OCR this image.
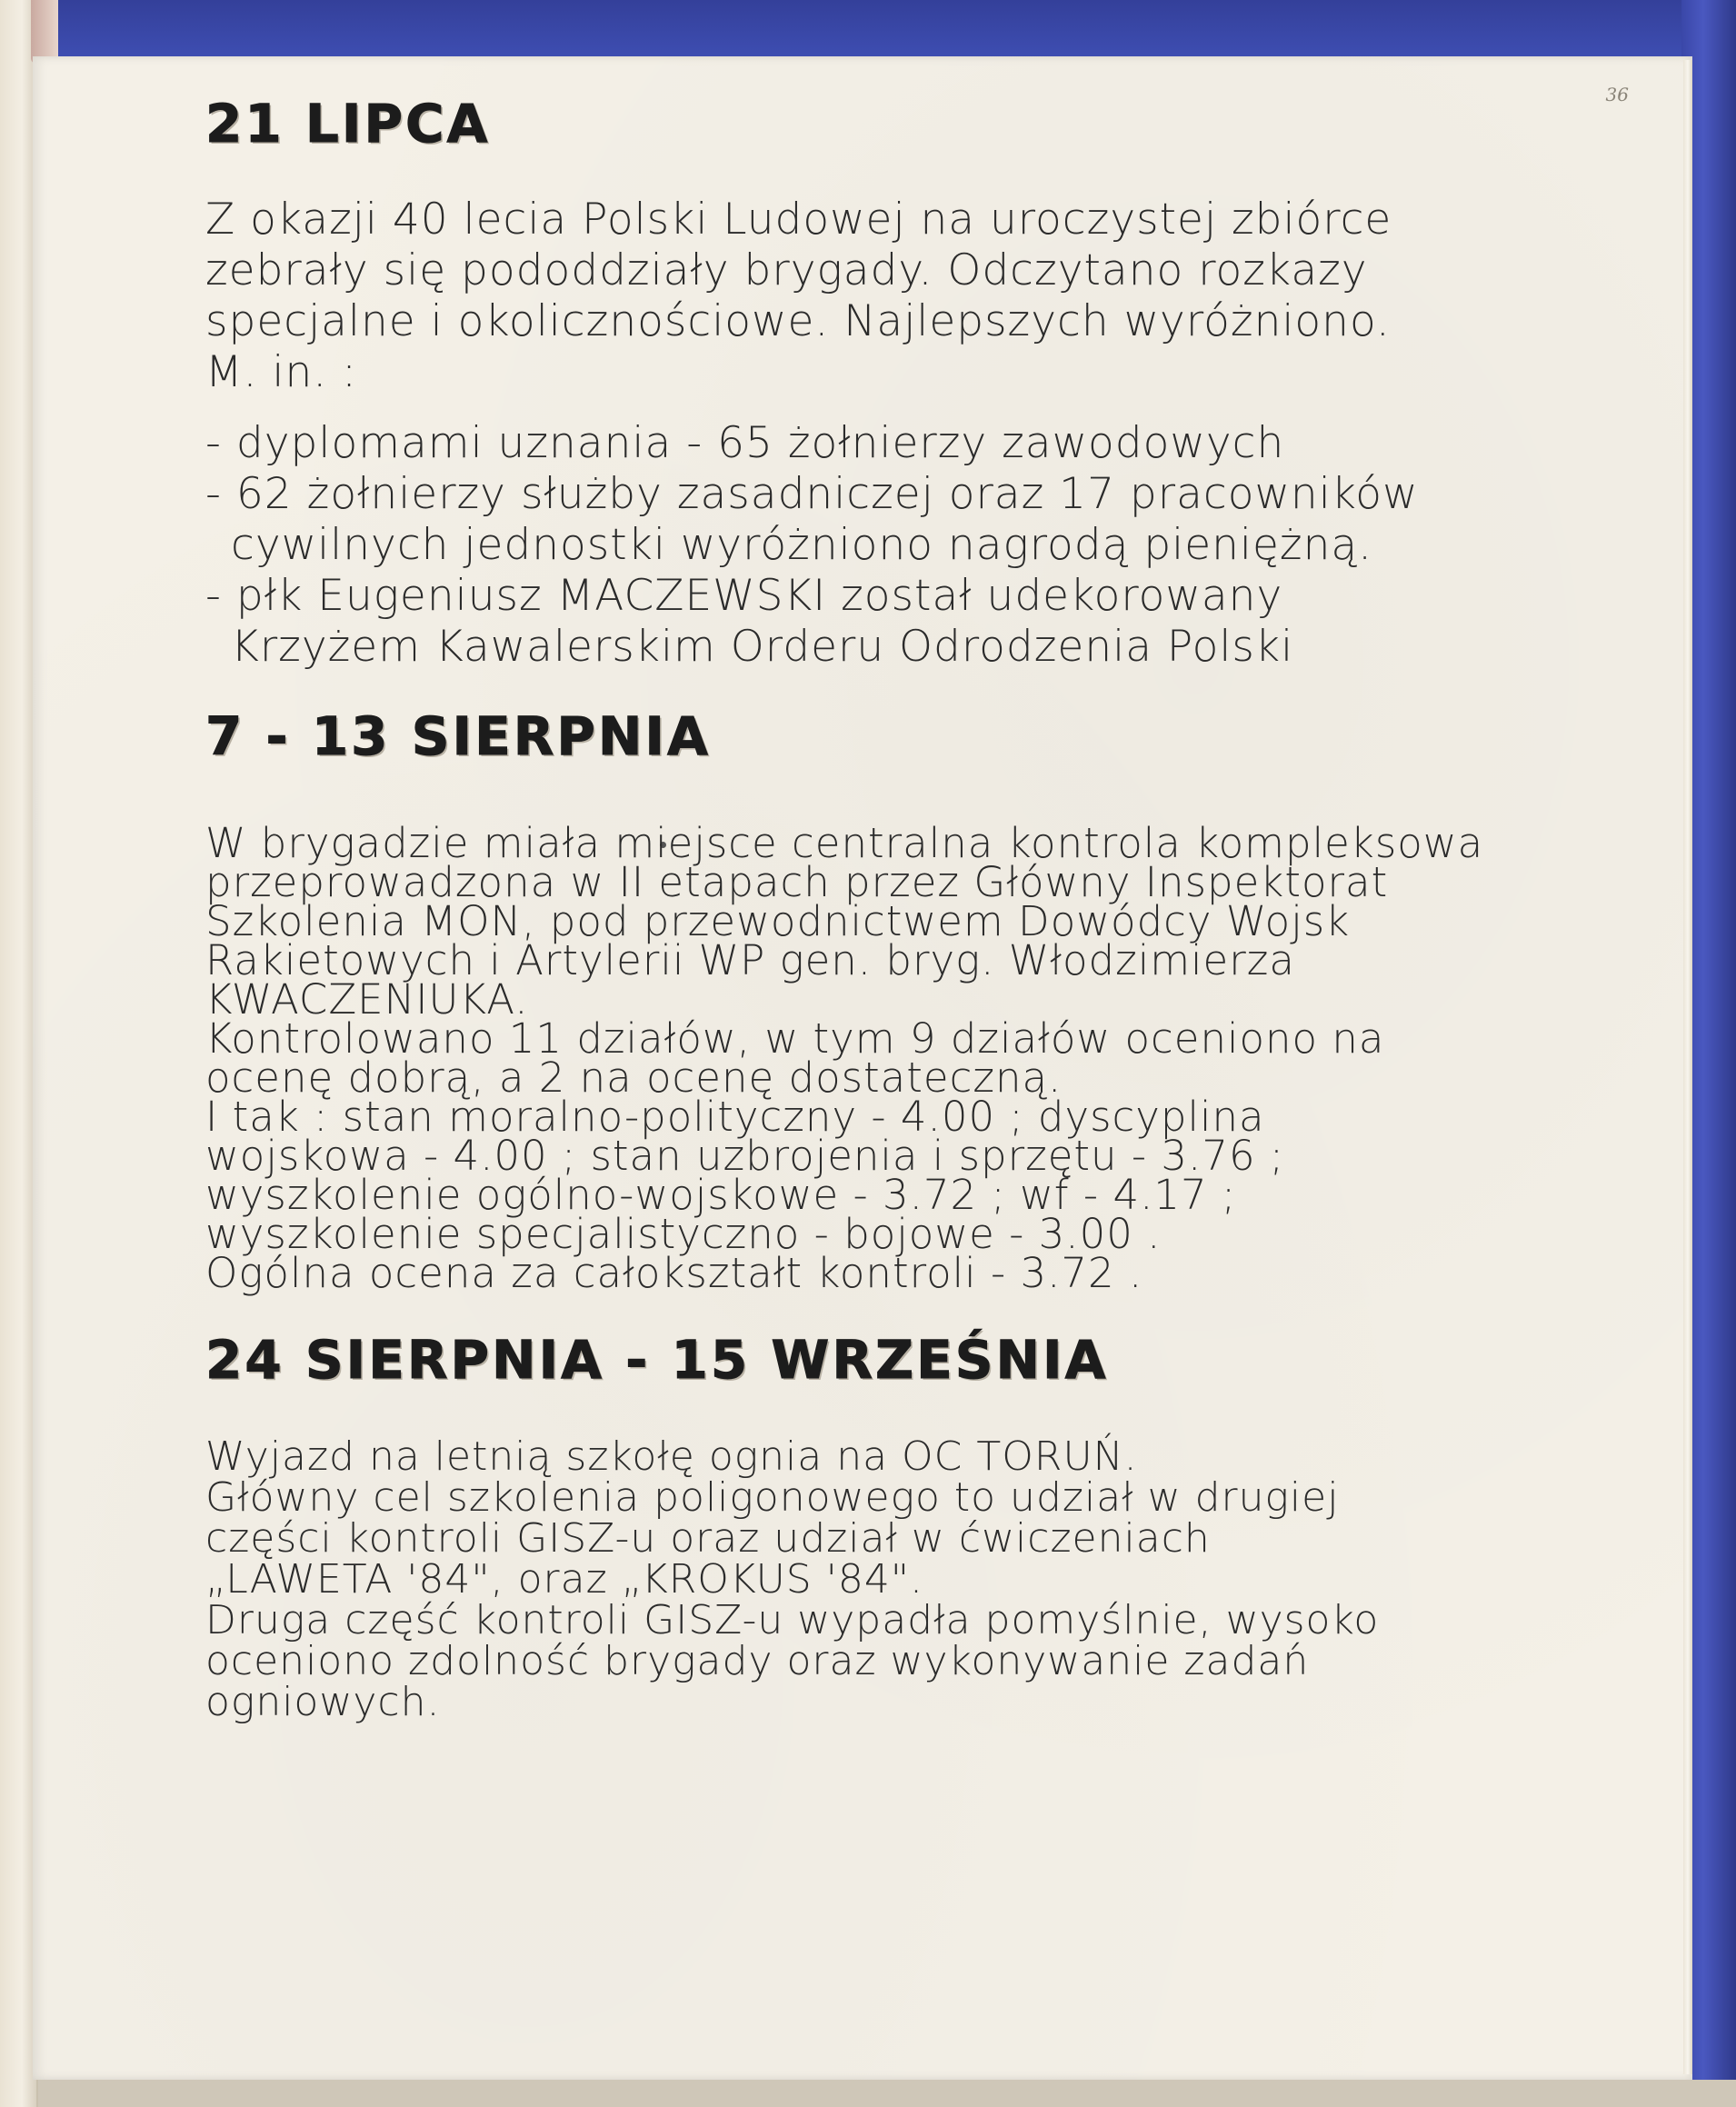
36
21 LIPCA
Z okazji 40 lecia Polski Ludowej na uroczystej zbiórce
zebrały się pododdziały brygady. Odczytano rozkazy
specjalne i okolicznościowe. Najlepszych wyróżniono.
M. in. :
- dyplomami uznania - 65 żołnierzy zawodowych
- 62 żołnierzy służby zasadniczej oraz 17 pracowników
cywilnych jednostki wyróżniono nagrodą pieniężną.
- płk Eugeniusz MACZEWSKI został udekorowany
Krzyżem Kawalerskim Orderu Odrodzenia Polski
7 - 13 SIERPNIA
W brygadzie miała miejsce centralna kontrola kompleksowa
przeprowadzona w II etapach przez Główny Inspektorat
Szkolenia MON, pod przewodnictwem Dowódcy Wojsk
Rakietowych i Artylerii WP gen. bryg. Włodzimierza
KWACZENIUKA.
Kontrolowano 11 działów, w tym 9 działów oceniono na
ocenę dobrą, a 2 na ocenę dostateczną.
I tak : stan moralno-polityczny - 4.00 ; dyscyplina
wojskowa - 4.00 ; stan uzbrojenia i sprzętu - 3.76 ;
wyszkolenie ogólno-wojskowe - 3.72 ; wf - 4.17 ;
wyszkolenie specjalistyczno - bojowe - 3.00 .
Ogólna ocena za całokształt kontroli - 3.72 .
24 SIERPNIA - 15 WRZEŚNIA
Wyjazd na letnią szkołę ognia na OC TORUŃ.
Główny cel szkolenia poligonowego to udział w drugiej
części kontroli GISZ-u oraz udział w ćwiczeniach
„LAWETA '84", oraz „KROKUS '84".
Druga część kontroli GISZ-u wypadła pomyślnie, wysoko
oceniono zdolność brygady oraz wykonywanie zadań
ogniowych.
